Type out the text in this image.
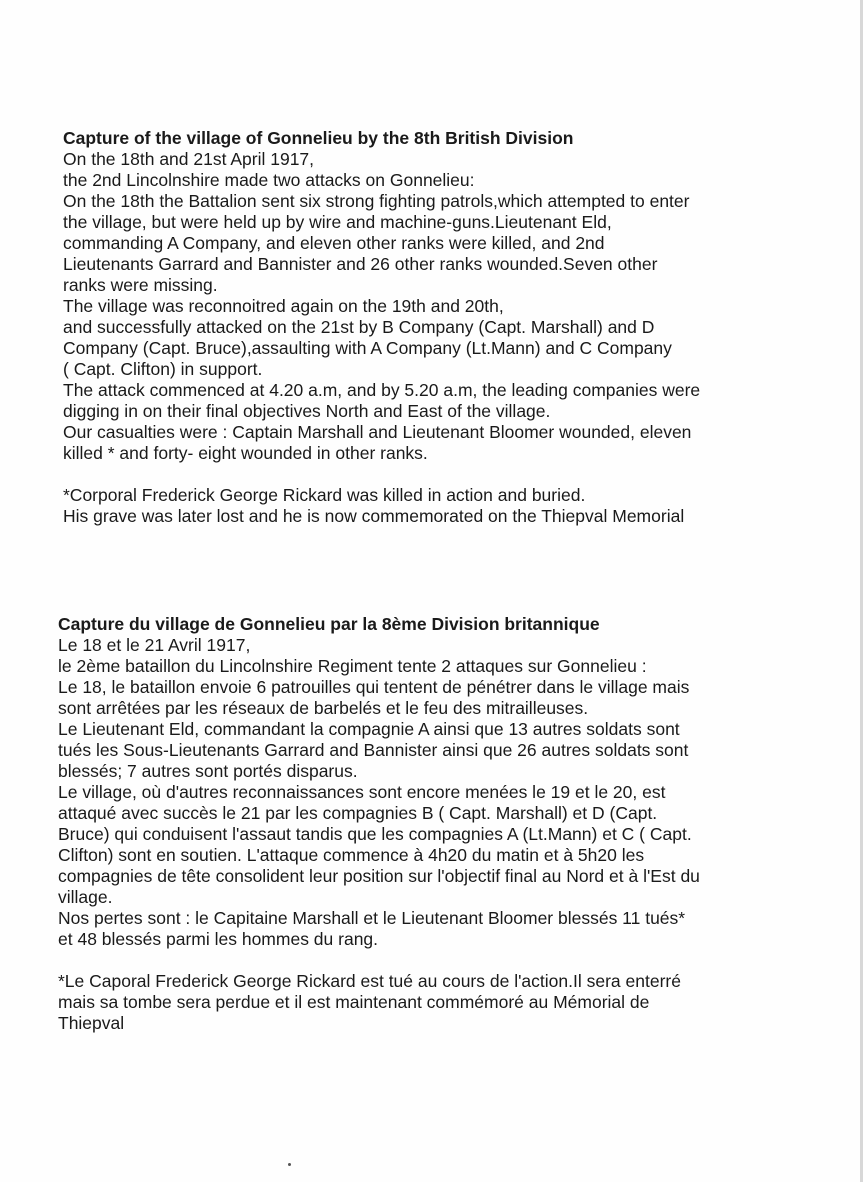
Capture of the village of Gonnelieu by the 8th British Division

On the 18th and 21st April 1917,

the 2nd Lincolnshire made two attacks on Gonnelieu:

On the 18th the Battalion sent six strong fighting patrols,which attempted to enter

the village, but were held up by wire and machine-guns.Lieutenant Eld,

commanding A Company, and eleven other ranks were killed, and 2nd

Lieutenants Garrard and Bannister and 26 other ranks wounded.Seven other

ranks were missing.

The village was reconnoitred again on the 19th and 20th,

and successfully attacked on the 21st by B Company (Capt. Marshall) and D

Company (Capt. Bruce),assaulting with A Company (Lt.Mann) and C Company

( Capt. Clifton) in support.

The attack commenced at 4.20 a.m, and by 5.20 a.m, the leading companies were

digging in on their final objectives North and East of the village.

Our casualties were : Captain Marshall and Lieutenant Bloomer wounded, eleven

killed * and forty- eight wounded in other ranks.

*Corporal Frederick George Rickard was killed in action and buried.

His grave was later lost and he is now commemorated on the Thiepval Memorial

Capture du village de Gonnelieu par la 8ème Division britannique

Le 18 et le 21 Avril 1917,

le 2ème bataillon du Lincolnshire Regiment tente 2 attaques sur Gonnelieu :

Le 18, le bataillon envoie 6 patrouilles qui tentent de pénétrer dans le village mais

sont arrêtées par les réseaux de barbelés et le feu des mitrailleuses.

Le Lieutenant Eld, commandant la compagnie A ainsi que 13 autres soldats sont

tués les Sous-Lieutenants Garrard and Bannister ainsi que 26 autres soldats sont

blessés; 7 autres sont portés disparus.

Le village, où d'autres reconnaissances sont encore menées le 19 et le 20, est

attaqué avec succès le 21 par les compagnies B ( Capt. Marshall) et D (Capt.

Bruce) qui conduisent l'assaut tandis que les compagnies A (Lt.Mann) et C ( Capt.

Clifton) sont en soutien. L'attaque commence à 4h20 du matin et à 5h20 les

compagnies de tête consolident leur position sur l'objectif final au Nord et à l'Est du

village.

Nos pertes sont : le Capitaine Marshall et le Lieutenant Bloomer blessés 11 tués*

et 48 blessés parmi les hommes du rang.

*Le Caporal Frederick George Rickard est tué au cours de l'action.Il sera enterré

mais sa tombe sera perdue et il est maintenant commémoré au Mémorial de

Thiepval
